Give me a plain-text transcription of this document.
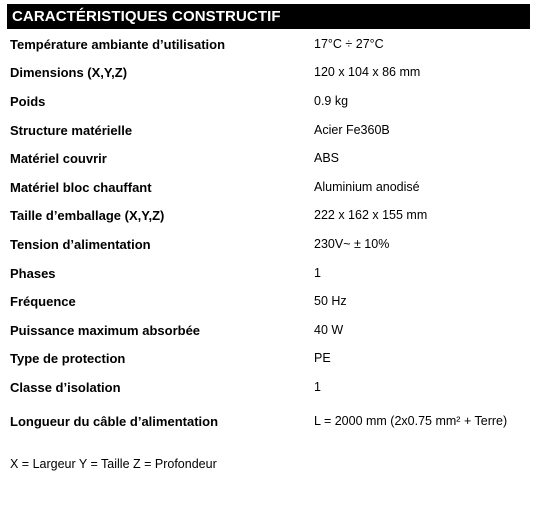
CARACTÉRISTIQUES CONSTRUCTIF
Température ambiante d’utilisation	17°C ÷ 27°C
Dimensions (X,Y,Z)	120 x 104 x 86 mm
Poids	0.9 kg
Structure matérielle	Acier Fe360B
Matériel couvrir	ABS
Matériel bloc chauffant	Aluminium anodisé
Taille d’emballage (X,Y,Z)	222 x 162 x 155 mm
Tension d’alimentation	230V~ ± 10%
Phases	1
Fréquence	50 Hz
Puissance maximum absorbée	40 W
Type de protection	PE
Classe d’isolation	1
Longueur du câble d’alimentation	L = 2000 mm (2x0.75 mm² + Terre)
X = Largeur Y = Taille Z = Profondeur
